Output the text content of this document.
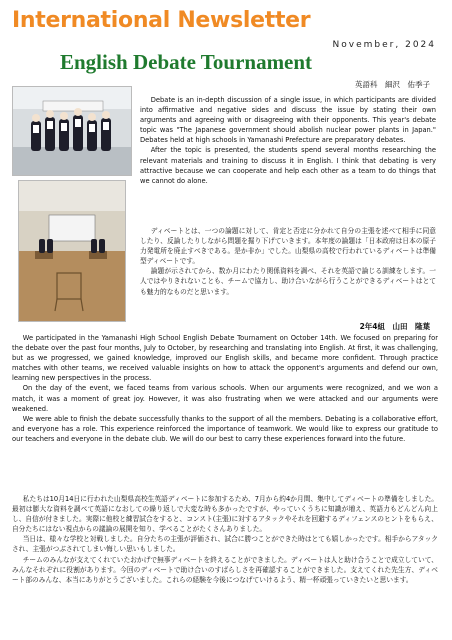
International Newsletter
November, 2024
English Debate Tournament
英語科　細沢　佑季子

Debate is an in-depth discussion of a single issue, in which participants are divided into affirmative and negative sides and discuss the issue by stating their own arguments and agreeing with or disagreeing with their opponents. This year's debate topic was "The Japanese government should abolish nuclear power plants in Japan." Debates held at high schools in Yamanashi Prefecture are preparatory debates.

After the topic is presented, the students spend several months researching the relevant materials and training to discuss it in English. I think that debating is very attractive because we can cooperate and help each other as a team to do things that we cannot do alone.

ディベートとは、一つの論題に対して、肯定と否定に分かれて自分の主張を述べて相手に同意したり、反論したりしながら問題を掘り下げていきます。本年度の論題は「日本政府は日本の原子力発電所を廃止すべきである。是か非か」でした。山梨県の高校で行われているディベートは準備型ディベートです。

論題が示されてから、数か月にわたり関係資料を調べ、それを英語で論じる訓練をします。一人ではやりきれないことも、チームで協力し、助け合いながら行うことができるディベートはとても魅力的なものだと思います。

2年4組　山田　隆葉

We participated in the Yamanashi High School English Debate Tournament on October 14th. We focused on preparing for the debate over the past four months, July to October, by researching and translating into English. At first, it was challenging, but as we progressed, we gained knowledge, improved our English skills, and became more confident. Through practice matches with other teams, we received valuable insights on how to attack the opponent's arguments and defend our own, learning new perspectives in the process.

On the day of the event, we faced teams from various schools. When our arguments were recognized, and we won a match, it was a moment of great joy. However, it was also frustrating when we were attacked and our arguments were weakened.

We were able to finish the debate successfully thanks to the support of all the members. Debating is a collaborative effort, and everyone has a role. This experience reinforced the importance of teamwork. We would like to express our gratitude to our teachers and everyone in the debate club. We will do our best to carry these experiences forward into the future.

私たちは10月14日に行われた山梨県高校生英語ディベートに参加するため、7月から約4か月間、集中してディベートの準備をしました。最初は膨大な資料を調べて英語になおしての繰り返しで大変な時も多かったですが、やっていくうちに知識が増え、英語力もどんどん向上し、自信が付きました。実際に他校と練習試合をすると、コンスト(主張)に対するアタックやそれを回避するディフェンスのヒントをもらえ、自分たちにはない視点からの議論の展開を知り、学べることがたくさんありました。

当日は、様々な学校と対戦しました。自分たちの主張が評価され、試合に勝つことができた時はとても嬉しかったです。相手からアタックされ、主張がつぶされてしまい悔しい思いもしました。

チームのみんなが支えてくれていたおかげで無事ディベートを終えることができました。ディベートは人と助け合うことで成立していて、みんなそれぞれに役割があります。今回のディベートで助け合いのすばらしさを再確認することができました。支えてくれた先生方、ディベート部のみんな、本当にありがとうございました。これらの経験を今後につなげていけるよう、精一杯頑張っていきたいと思います。
